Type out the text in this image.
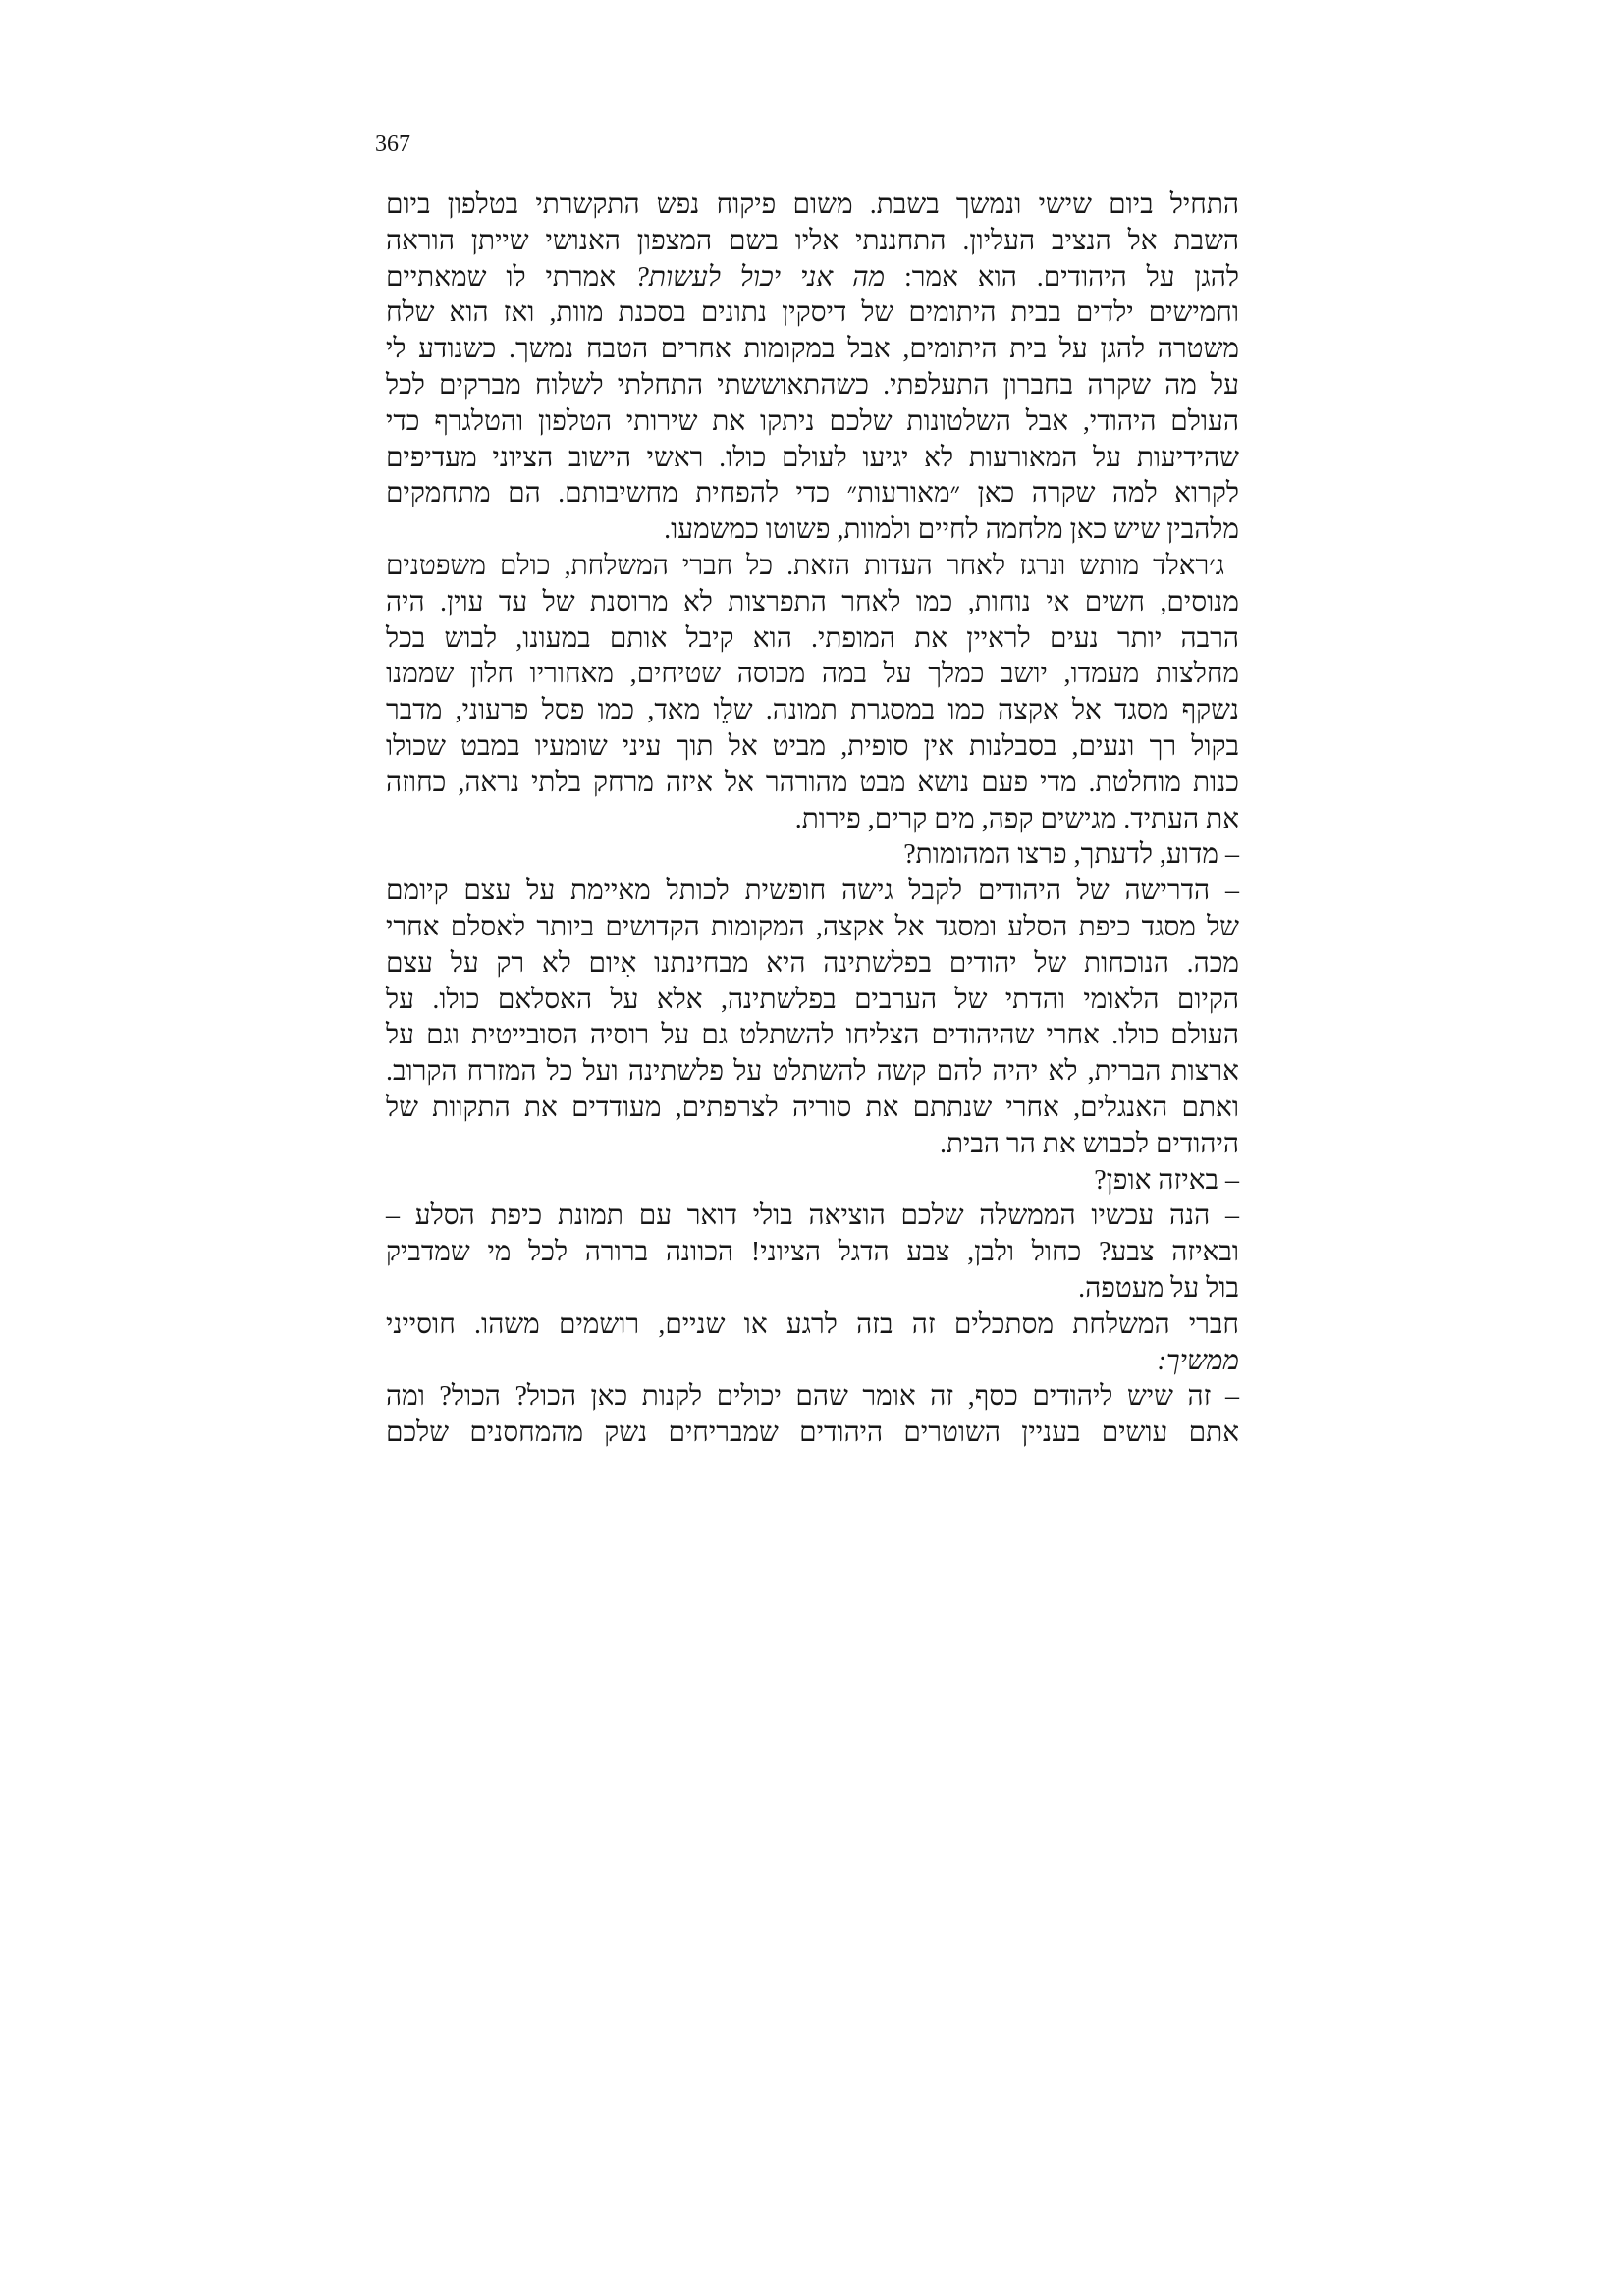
367
התחיל ביום שישי ונמשך בשבת. משום פיקוח נפש התקשרתי בטלפון ביום
השבת אל הנציב העליון. התחננתי אליו בשם המצפון האנושי שייתן הוראה
להגן על היהודים. הוא אמר: מה אני יכול לעשות? אמרתי לו שמאתיים
וחמישים ילדים בבית היתומים של דיסקין נתונים בסכנת מוות, ואז הוא שלח
משטרה להגן על בית היתומים, אבל במקומות אחרים הטבח נמשך. כשנודע לי
על מה שקרה בחברון התעלפתי. כשהתאוששתי התחלתי לשלוח מברקים לכל
העולם היהודי, אבל השלטונות שלכם ניתקו את שירותי הטלפון והטלגרף כדי
שהידיעות על המאורעות לא יגיעו לעולם כולו. ראשי הישוב הציוני מעדיפים
לקרוא למה שקרה כאן ״מאורעות״ כדי להפחית מחשיבותם. הם מתחמקים
מלהבין שיש כאן מלחמה לחיים ולמוות, פשוטו כמשמעו.
ג׳ראלד מותש ונרגז לאחר העדות הזאת. כל חברי המשלחת, כולם משפטנים
מנוסים, חשים אי נוחות, כמו לאחר התפרצות לא מרוסנת של עד עוין. היה
הרבה יותר נעים לראיין את המופתי. הוא קיבל אותם במעונו, לבוש בכל
מחלצות מעמדו, יושב כמלך על במה מכוסה שטיחים, מאחוריו חלון שממנו
נשקף מסגד אל אקצה כמו במסגרת תמונה. שלֵו מאד, כמו פסל פרעוני, מדבר
בקול רך ונעים, בסבלנות אין סופית, מביט אל תוך עיני שומעיו במבט שכולו
כנות מוחלטת. מדי פעם נושא מבט מהורהר אל איזה מרחק בלתי נראה, כחוזה
את העתיד. מגישים קפה, מים קרים, פירות.
– מדוע, לדעתך, פרצו המהומות?
– הדרישה של היהודים לקבל גישה חופשית לכותל מאיימת על עצם קיומם
של מסגד כיפת הסלע ומסגד אל אקצה, המקומות הקדושים ביותר לאסלם אחרי
מכה. הנוכחות של יהודים בפלשתינה היא מבחינתנו אִיום לא רק על עצם
הקיום הלאומי והדתי של הערבים בפלשתינה, אלא על האסלאם כולו. על
העולם כולו. אחרי שהיהודים הצליחו להשתלט גם על רוסיה הסובייטית וגם על
ארצות הברית, לא יהיה להם קשה להשתלט על פלשתינה ועל כל המזרח הקרוב.
ואתם האנגלים, אחרי שנתתם את סוריה לצרפתים, מעודדים את התקוות של
היהודים לכבוש את הר הבית.
– באיזה אופן?
– הנה עכשיו הממשלה שלכם הוציאה בולי דואר עם תמונת כיפת הסלע –
ובאיזה צבע? כחול ולבן, צבע הדגל הציוני! הכוונה ברורה לכל מי שמדביק
בול על מעטפה.
חברי המשלחת מסתכלים זה בזה לרגע או שניים, רושמים משהו. חוסייני
ממשיך:
– זה שיש ליהודים כסף, זה אומר שהם יכולים לקנות כאן הכול? הכול? ומה
אתם עושים בעניין השוטרים היהודים שמבריחים נשק מהמחסנים שלכם
